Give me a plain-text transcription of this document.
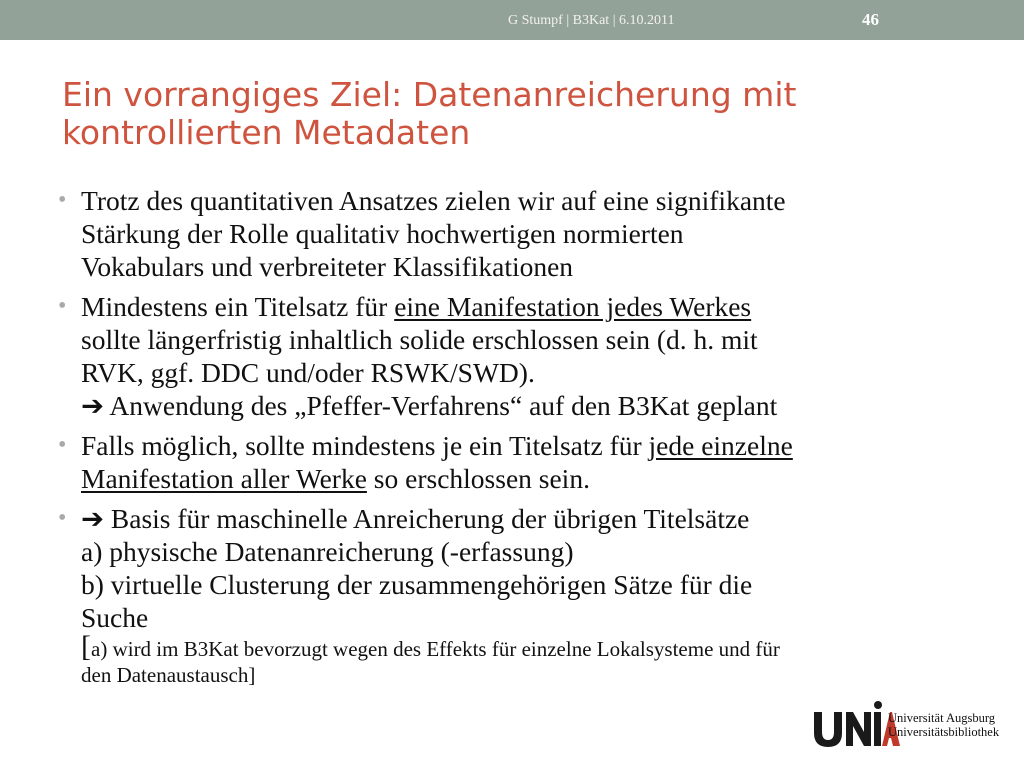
G Stumpf | B3Kat | 6.10.2011	46
Ein vorrangiges Ziel: Datenanreicherung mit
kontrollierten Metadaten
• Trotz des quantitativen Ansatzes zielen wir auf eine signifikante
Stärkung der Rolle qualitativ hochwertigen normierten
Vokabulars und verbreiteter Klassifikationen
• Mindestens ein Titelsatz für eine Manifestation jedes Werkes
sollte längerfristig inhaltlich solide erschlossen sein (d. h. mit
RVK, ggf. DDC und/oder RSWK/SWD).
➔ Anwendung des „Pfeffer-Verfahrens“ auf den B3Kat geplant
• Falls möglich, sollte mindestens je ein Titelsatz für jede einzelne
Manifestation aller Werke so erschlossen sein.
• ➔ Basis für maschinelle Anreicherung der übrigen Titelsätze
a) physische Datenanreicherung (-erfassung)
b) virtuelle Clusterung der zusammengehörigen Sätze für die
Suche
[a) wird im B3Kat bevorzugt wegen des Effekts für einzelne Lokalsysteme und für
den Datenaustausch]
Universität Augsburg
Universitätsbibliothek
